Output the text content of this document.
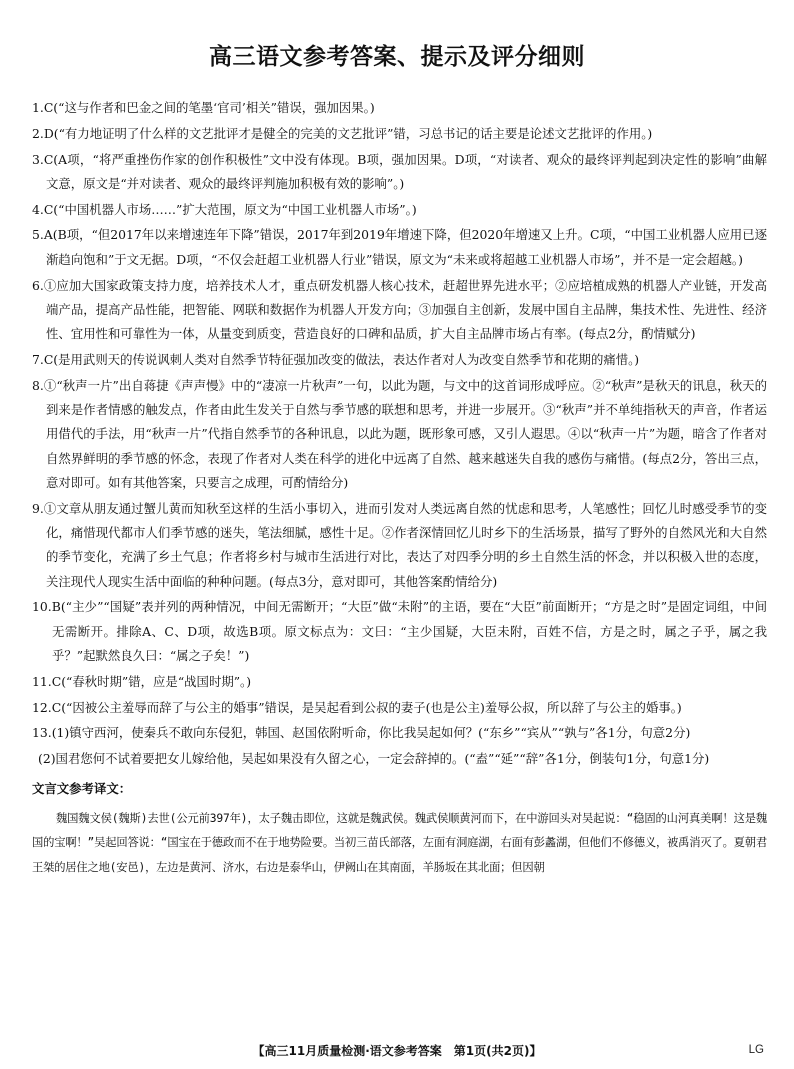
高三语文参考答案、提示及评分细则
1.C(“这与作者和巴金之间的笔墨‘官司’相关”错误，强加因果。)
2.D(“有力地证明了什么样的文艺批评才是健全的完美的文艺批评”错，习总书记的话主要是论述文艺批评的作用。)
3.C(A项，“将严重挫伤作家的创作积极性”文中没有体现。B项，强加因果。D项，“对读者、观众的最终评判起到决定性的影响”曲解文意，原文是“并对读者、观众的最终评判施加积极有效的影响”。)
4.C(“中国机器人市场……”扩大范围，原文为“中国工业机器人市场”。)
5.A(B项，“但2017年以来增速连年下降”错误，2017年到2019年增速下降，但2020年增速又上升。C项，“中国工业机器人应用已逐渐趋向饱和”于文无据。D项，“不仅会赶超工业机器人行业”错误，原文为“未来或将超越工业机器人市场”，并不是一定会超越。)
6.①应加大国家政策支持力度，培养技术人才，重点研发机器人核心技术，赶超世界先进水平；②应培植成熟的机器人产业链，开发高端产品，提高产品性能，把智能、网联和数据作为机器人开发方向；③加强自主创新，发展中国自主品牌，集技术性、先进性、经济性、宜用性和可靠性为一体，从量变到质变，营造良好的口碑和品质，扩大自主品牌市场占有率。(每点2分，酌情赋分)
7.C(是用武则天的传说讽刺人类对自然季节特征强加改变的做法，表达作者对人为改变自然季节和花期的痛惜。)
8.①“秋声一片”出自蒋捷《声声慢》中的“凄凉一片秋声”一句，以此为题，与文中的这首词形成呼应。②“秋声”是秋天的讯息，秋天的到来是作者情感的触发点，作者由此生发关于自然与季节感的联想和思考，并进一步展开。③“秋声”并不单纯指秋天的声音，作者运用借代的手法，用“秋声一片”代指自然季节的各种讯息，以此为题，既形象可感，又引人遐思。④以“秋声一片”为题，暗含了作者对自然界鲜明的季节感的怀念，表现了作者对人类在科学的进化中远离了自然、越来越迷失自我的感伤与痛惜。(每点2分，答出三点，意对即可。如有其他答案，只要言之成理，可酌情给分)
9.①文章从朋友通过蟹儿黄而知秋至这样的生活小事切入，进而引发对人类远离自然的忧虑和思考，人笔感性；回忆儿时感受季节的变化，痛惜现代都市人们季节感的迷失，笔法细腻，感性十足。②作者深情回忆儿时乡下的生活场景，描写了野外的自然风光和大自然的季节变化，充满了乡土气息；作者将乡村与城市生活进行对比，表达了对四季分明的乡土自然生活的怀念，并以积极入世的态度，关注现代人现实生活中面临的种种问题。(每点3分，意对即可，其他答案酌情给分)
10.B(“主少”“国疑”表并列的两种情况，中间无需断开；“大臣”做“未附”的主语，要在“大臣”前面断开；“方是之时”是固定词组，中间无需断开。排除A、C、D项，故选B项。原文标点为：文曰：“主少国疑，大臣未附，百姓不信，方是之时，属之子乎，属之我乎？”起默然良久曰：“属之子矣！”)
11.C(“春秋时期”错，应是“战国时期”。)
12.C(“因被公主羞辱而辞了与公主的婚事”错误，是吴起看到公叔的妻子(也是公主)羞辱公叔，所以辞了与公主的婚事。)
13.(1)镇守西河，使秦兵不敢向东侵犯，韩国、赵国依附听命，你比我吴起如何？(“东乡”“宾从”“孰与”各1分，句意2分)
(2)国君您何不试着要把女儿嫁给他，吴起如果没有久留之心，一定会辞掉的。(“盍”“延”“辞”各1分，倒装句1分，句意1分)
文言文参考译文：
魏国魏文侯(魏斯)去世(公元前397年)，太子魏击即位，这就是魏武侯。魏武侯顺黄河而下，在中游回头对吴起说：“稳固的山河真美啊！这是魏国的宝啊！”吴起回答说：“国宝在于德政而不在于地势险要。当初三苗氏部落，左面有洞庭湖，右面有彭蠡湖，但他们不修德义，被禹消灭了。夏朝君王桀的居住之地(安邑)，左边是黄河、济水，右边是泰华山，伊阙山在其南面，羊肠坂在其北面；但因朝
【高三11月质量检测·语文参考答案　第1页(共2页)】	LG
